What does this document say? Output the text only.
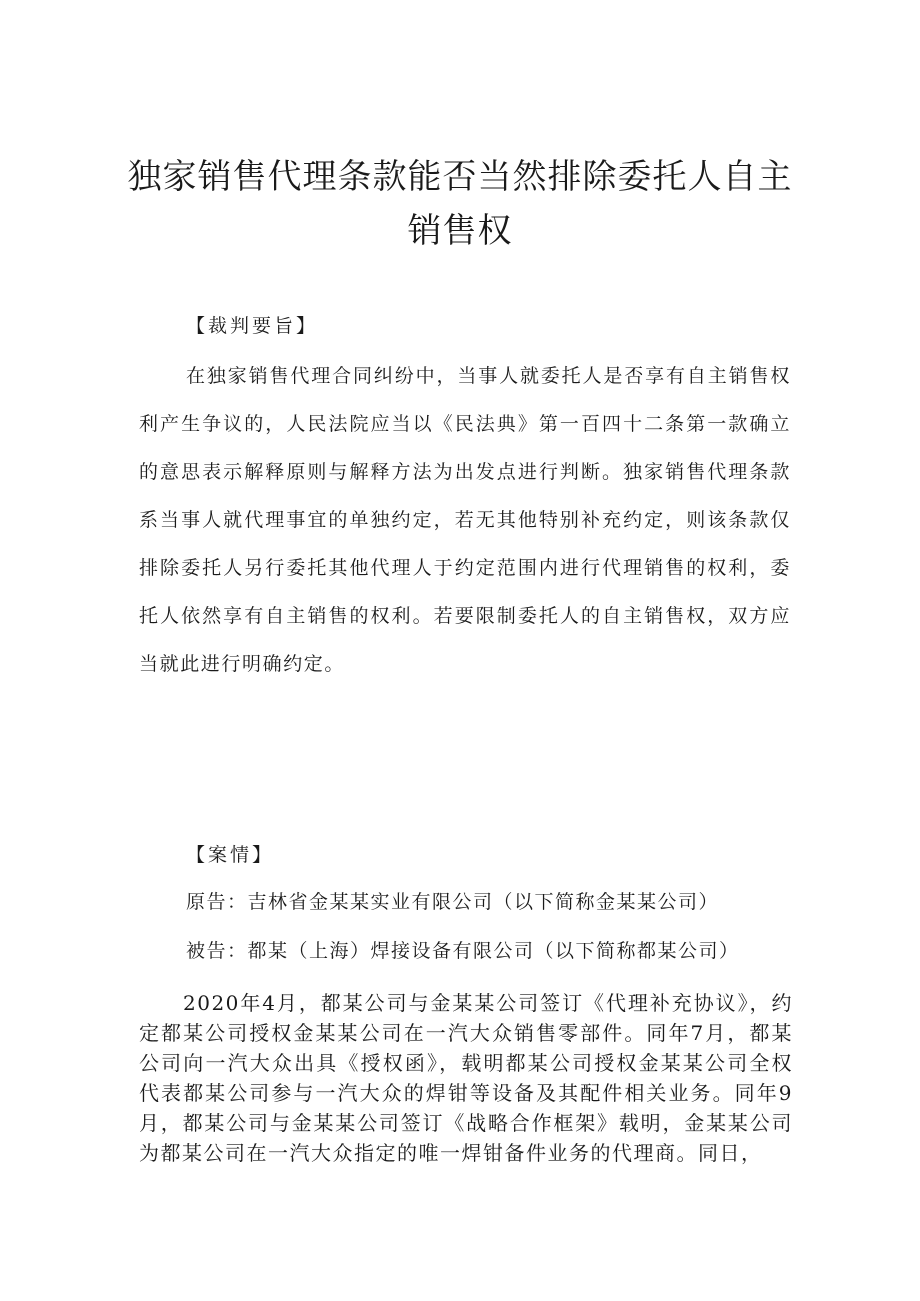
独家销售代理条款能否当然排除委托人自主销售权

【裁判要旨】

在独家销售代理合同纠纷中，当事人就委托人是否享有自主销售权利产生争议的，人民法院应当以《民法典》第一百四十二条第一款确立的意思表示解释原则与解释方法为出发点进行判断。独家销售代理条款系当事人就代理事宜的单独约定，若无其他特别补充约定，则该条款仅排除委托人另行委托其他代理人于约定范围内进行代理销售的权利，委托人依然享有自主销售的权利。若要限制委托人的自主销售权，双方应当就此进行明确约定。

【案情】

原告：吉林省金某某实业有限公司（以下简称金某某公司）

被告：都某（上海）焊接设备有限公司（以下简称都某公司）

2020年4月，都某公司与金某某公司签订《代理补充协议》，约定都某公司授权金某某公司在一汽大众销售零部件。同年7月，都某公司向一汽大众出具《授权函》，载明都某公司授权金某某公司全权代表都某公司参与一汽大众的焊钳等设备及其配件相关业务。同年9月，都某公司与金某某公司签订《战略合作框架》载明，金某某公司为都某公司在一汽大众指定的唯一焊钳备件业务的代理商。同日，
